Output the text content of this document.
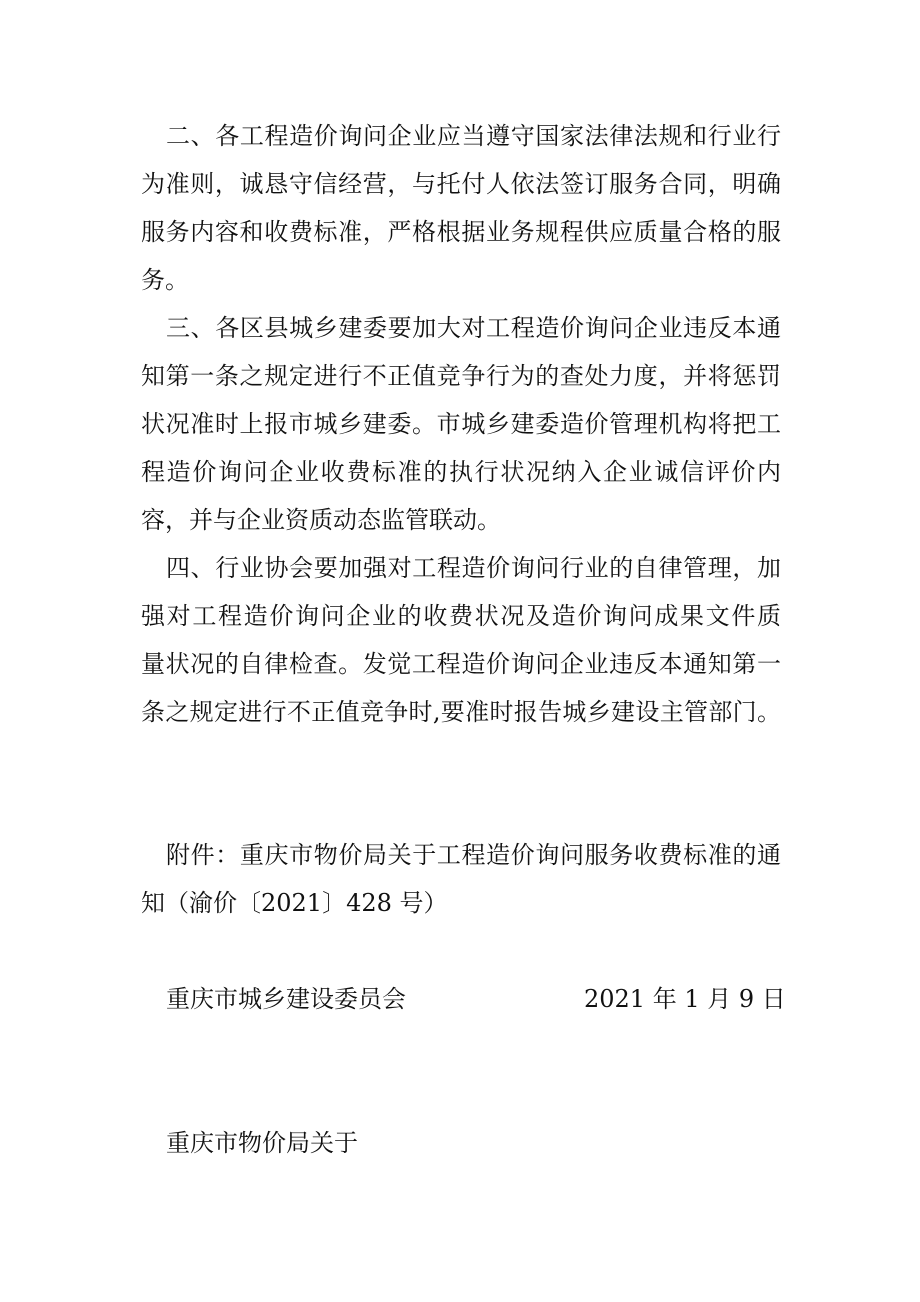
二、各工程造价询问企业应当遵守国家法律法规和行业行
为准则，诚恳守信经营，与托付人依法签订服务合同，明确
服务内容和收费标准，严格根据业务规程供应质量合格的服
务。
三、各区县城乡建委要加大对工程造价询问企业违反本通
知第一条之规定进行不正值竞争行为的查处力度，并将惩罚
状况准时上报市城乡建委。市城乡建委造价管理机构将把工
程造价询问企业收费标准的执行状况纳入企业诚信评价内
容，并与企业资质动态监管联动。
四、行业协会要加强对工程造价询问行业的自律管理，加
强对工程造价询问企业的收费状况及造价询问成果文件质
量状况的自律检查。发觉工程造价询问企业违反本通知第一
条之规定进行不正值竞争时,要准时报告城乡建设主管部门。
附件：重庆市物价局关于工程造价询问服务收费标准的通
知（渝价〔2021〕428 号）
重庆市城乡建设委员会	2021 年 1 月 9 日
重庆市物价局关于
